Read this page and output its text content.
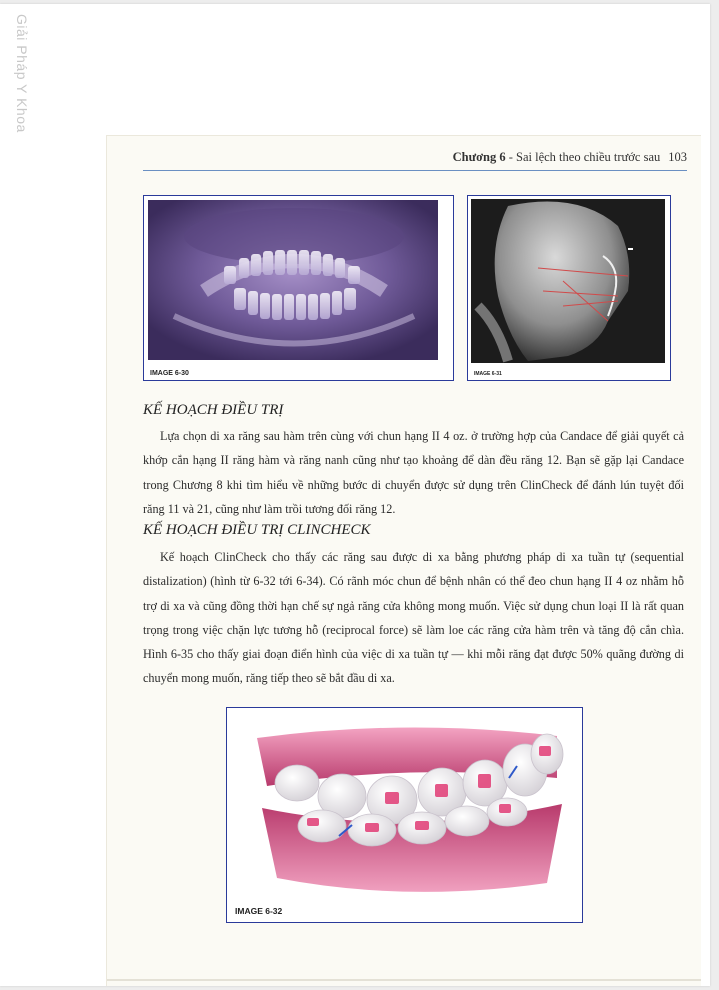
Giải Pháp Y Khoa
Chương 6 - Sai lệch theo chiều trước sau 103
IMAGE 6-30	IMAGE 6-31
KẾ HOẠCH ĐIỀU TRỊ

Lựa chọn di xa răng sau hàm trên cùng với chun hạng II 4 oz. ở trường hợp của Candace để giải quyết cả khớp cắn hạng II răng hàm và răng nanh cũng như tạo khoảng để dàn đều răng 12. Bạn sẽ gặp lại Candace trong Chương 8 khi tìm hiểu về những bước di chuyển được sử dụng trên ClinCheck để đánh lún tuyệt đối răng 11 và 21, cũng như làm trồi tương đối răng 12.

KẾ HOẠCH ĐIỀU TRỊ CLINCHECK

Kế hoạch ClinCheck cho thấy các răng sau được di xa bằng phương pháp di xa tuần tự (sequential distalization) (hình từ 6-32 tới 6-34). Có rãnh móc chun để bệnh nhân có thể đeo chun hạng II 4 oz nhằm hỗ trợ di xa và cũng đồng thời hạn chế sự ngả răng cửa không mong muốn. Việc sử dụng chun loại II là rất quan trọng trong việc chặn lực tương hỗ (reciprocal force) sẽ làm loe các răng cửa hàm trên và tăng độ cắn chìa. Hình 6-35 cho thấy giai đoạn điển hình của việc di xa tuần tự — khi mỗi răng đạt được 50% quãng đường di chuyển mong muốn, răng tiếp theo sẽ bắt đầu di xa.

IMAGE 6-32
